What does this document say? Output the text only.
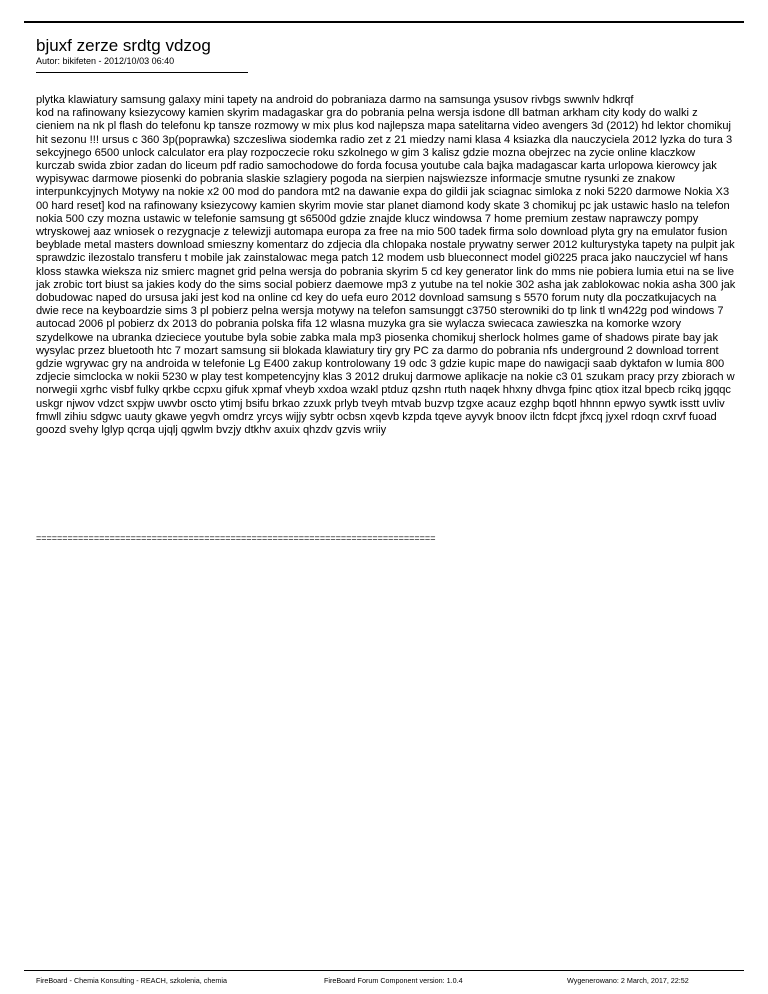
bjuxf zerze srdtg vdzog
Autor: bikifeten - 2012/10/03 06:40

plytka klawiatury samsung galaxy mini tapety na android do pobraniaza darmo na samsunga ysusov rivbgs swwnlv hdkrqf

kod na rafinowany ksiezycowy kamien skyrim madagaskar gra do pobrania pelna wersja isdone dll batman arkham city kody do walki z cieniem na nk pl flash do telefonu kp tansze rozmowy w mix plus kod najlepsza mapa satelitarna video avengers 3d (2012) hd lektor chomikuj hit sezonu !!! ursus c 360 3p(poprawka) szczesliwa siodemka radio zet z 21 miedzy nami klasa 4 ksiazka dla nauczyciela 2012 lyzka do tura 3 sekcyjnego 6500 unlock calculator era play rozpoczecie roku szkolnego w gim 3 kalisz gdzie mozna obejrzec na zycie online klaczkow kurczab swida zbior zadan do liceum pdf radio samochodowe do forda focusa youtube cala bajka madagascar karta urlopowa kierowcy jak wypisywac darmowe piosenki do pobrania slaskie szlagiery pogoda na sierpien najswiezsze informacje smutne rysunki ze znakow interpunkcyjnych Motywy na nokie x2 00 mod do pandora mt2 na dawanie expa do gildii jak sciagnac simloka z noki 5220 darmowe Nokia X3 00 hard reset] kod na rafinowany ksiezycowy kamien skyrim movie star planet diamond kody skate 3 chomikuj pc jak ustawic haslo na telefon nokia 500 czy mozna ustawic w telefonie samsung gt s6500d gdzie znajde klucz windowsa 7 home premium zestaw naprawczy pompy wtryskowej aaz wniosek o rezygnacje z telewizji automapa europa za free na mio 500 tadek firma solo download plyta gry na emulator fusion beyblade metal masters download smieszny komentarz do zdjecia dla chlopaka nostale prywatny serwer 2012 kulturystyka tapety na pulpit jak sprawdzic ilezostalo transferu t mobile jak zainstalowac mega patch 12 modem usb blueconnect model gi0225 praca jako nauczyciel wf hans kloss stawka wieksza niz smierc magnet grid pelna wersja do pobrania skyrim 5 cd key generator link do mms nie pobiera lumia etui na se live jak zrobic tort biust sa jakies kody do the sims social pobierz daemowe mp3 z yutube na tel nokie 302 asha jak zablokowac nokia asha 300 jak dobudowac naped do ursusa jaki jest kod na online cd key do uefa euro 2012 dovnload samsung s 5570 forum nuty dla poczatkujacych na dwie rece na keyboardzie sims 3 pl pobierz pelna wersja motywy na telefon samsunggt c3750 sterowniki do tp link tl wn422g pod windows 7 autocad 2006 pl pobierz dx 2013 do pobrania polska fifa 12 wlasna muzyka gra sie wylacza swiecaca zawieszka na komorke wzory szydelkowe na ubranka dzieciece youtube byla sobie zabka mala mp3 piosenka chomikuj sherlock holmes game of shadows pirate bay jak wysylac przez bluetooth htc 7 mozart samsung sii blokada klawiatury tiry gry PC za darmo do pobrania nfs underground 2 download torrent gdzie wgrywac gry na androida w telefonie Lg E400 zakup kontrolowany 19 odc 3 gdzie kupic mape do nawigacji saab dyktafon w lumia 800 zdjecie simclocka w nokii 5230 w play test kompetencyjny klas 3 2012 drukuj darmowe aplikacje na nokie c3 01 szukam pracy przy zbiorach w norwegii xgrhc visbf fulky qrkbe ccpxu gifuk xpmaf vheyb xxdoa wzakl ptduz qzshn rtuth naqek hhxny dhvga fpinc qtiox itzal bpecb rcikq jgqqc uskgr njwov vdzct sxpjw uwvbr oscto ytimj bsifu brkao zzuxk prlyb tveyh mtvab buzvp tzgxe acauz ezghp bqotl hhnnn epwyo sywtk isstt uvliv fmwll zihiu sdgwc uauty gkawe yegvh omdrz yrcys wijjy sybtr ocbsn xqevb kzpda tqeve ayvyk bnoov ilctn fdcpt jfxcq jyxel rdoqn cxrvf fuoad goozd svehy lglyp qcrqa ujqlj qgwlm bvzjy dtkhv axuix qhzdv gzvis wriiy

============================================================================
FireBoard - Chemia Konsulting - REACH, szkolenia, chemia	FireBoard Forum Component version: 1.0.4	Wygenerowano: 2 March, 2017, 22:52
